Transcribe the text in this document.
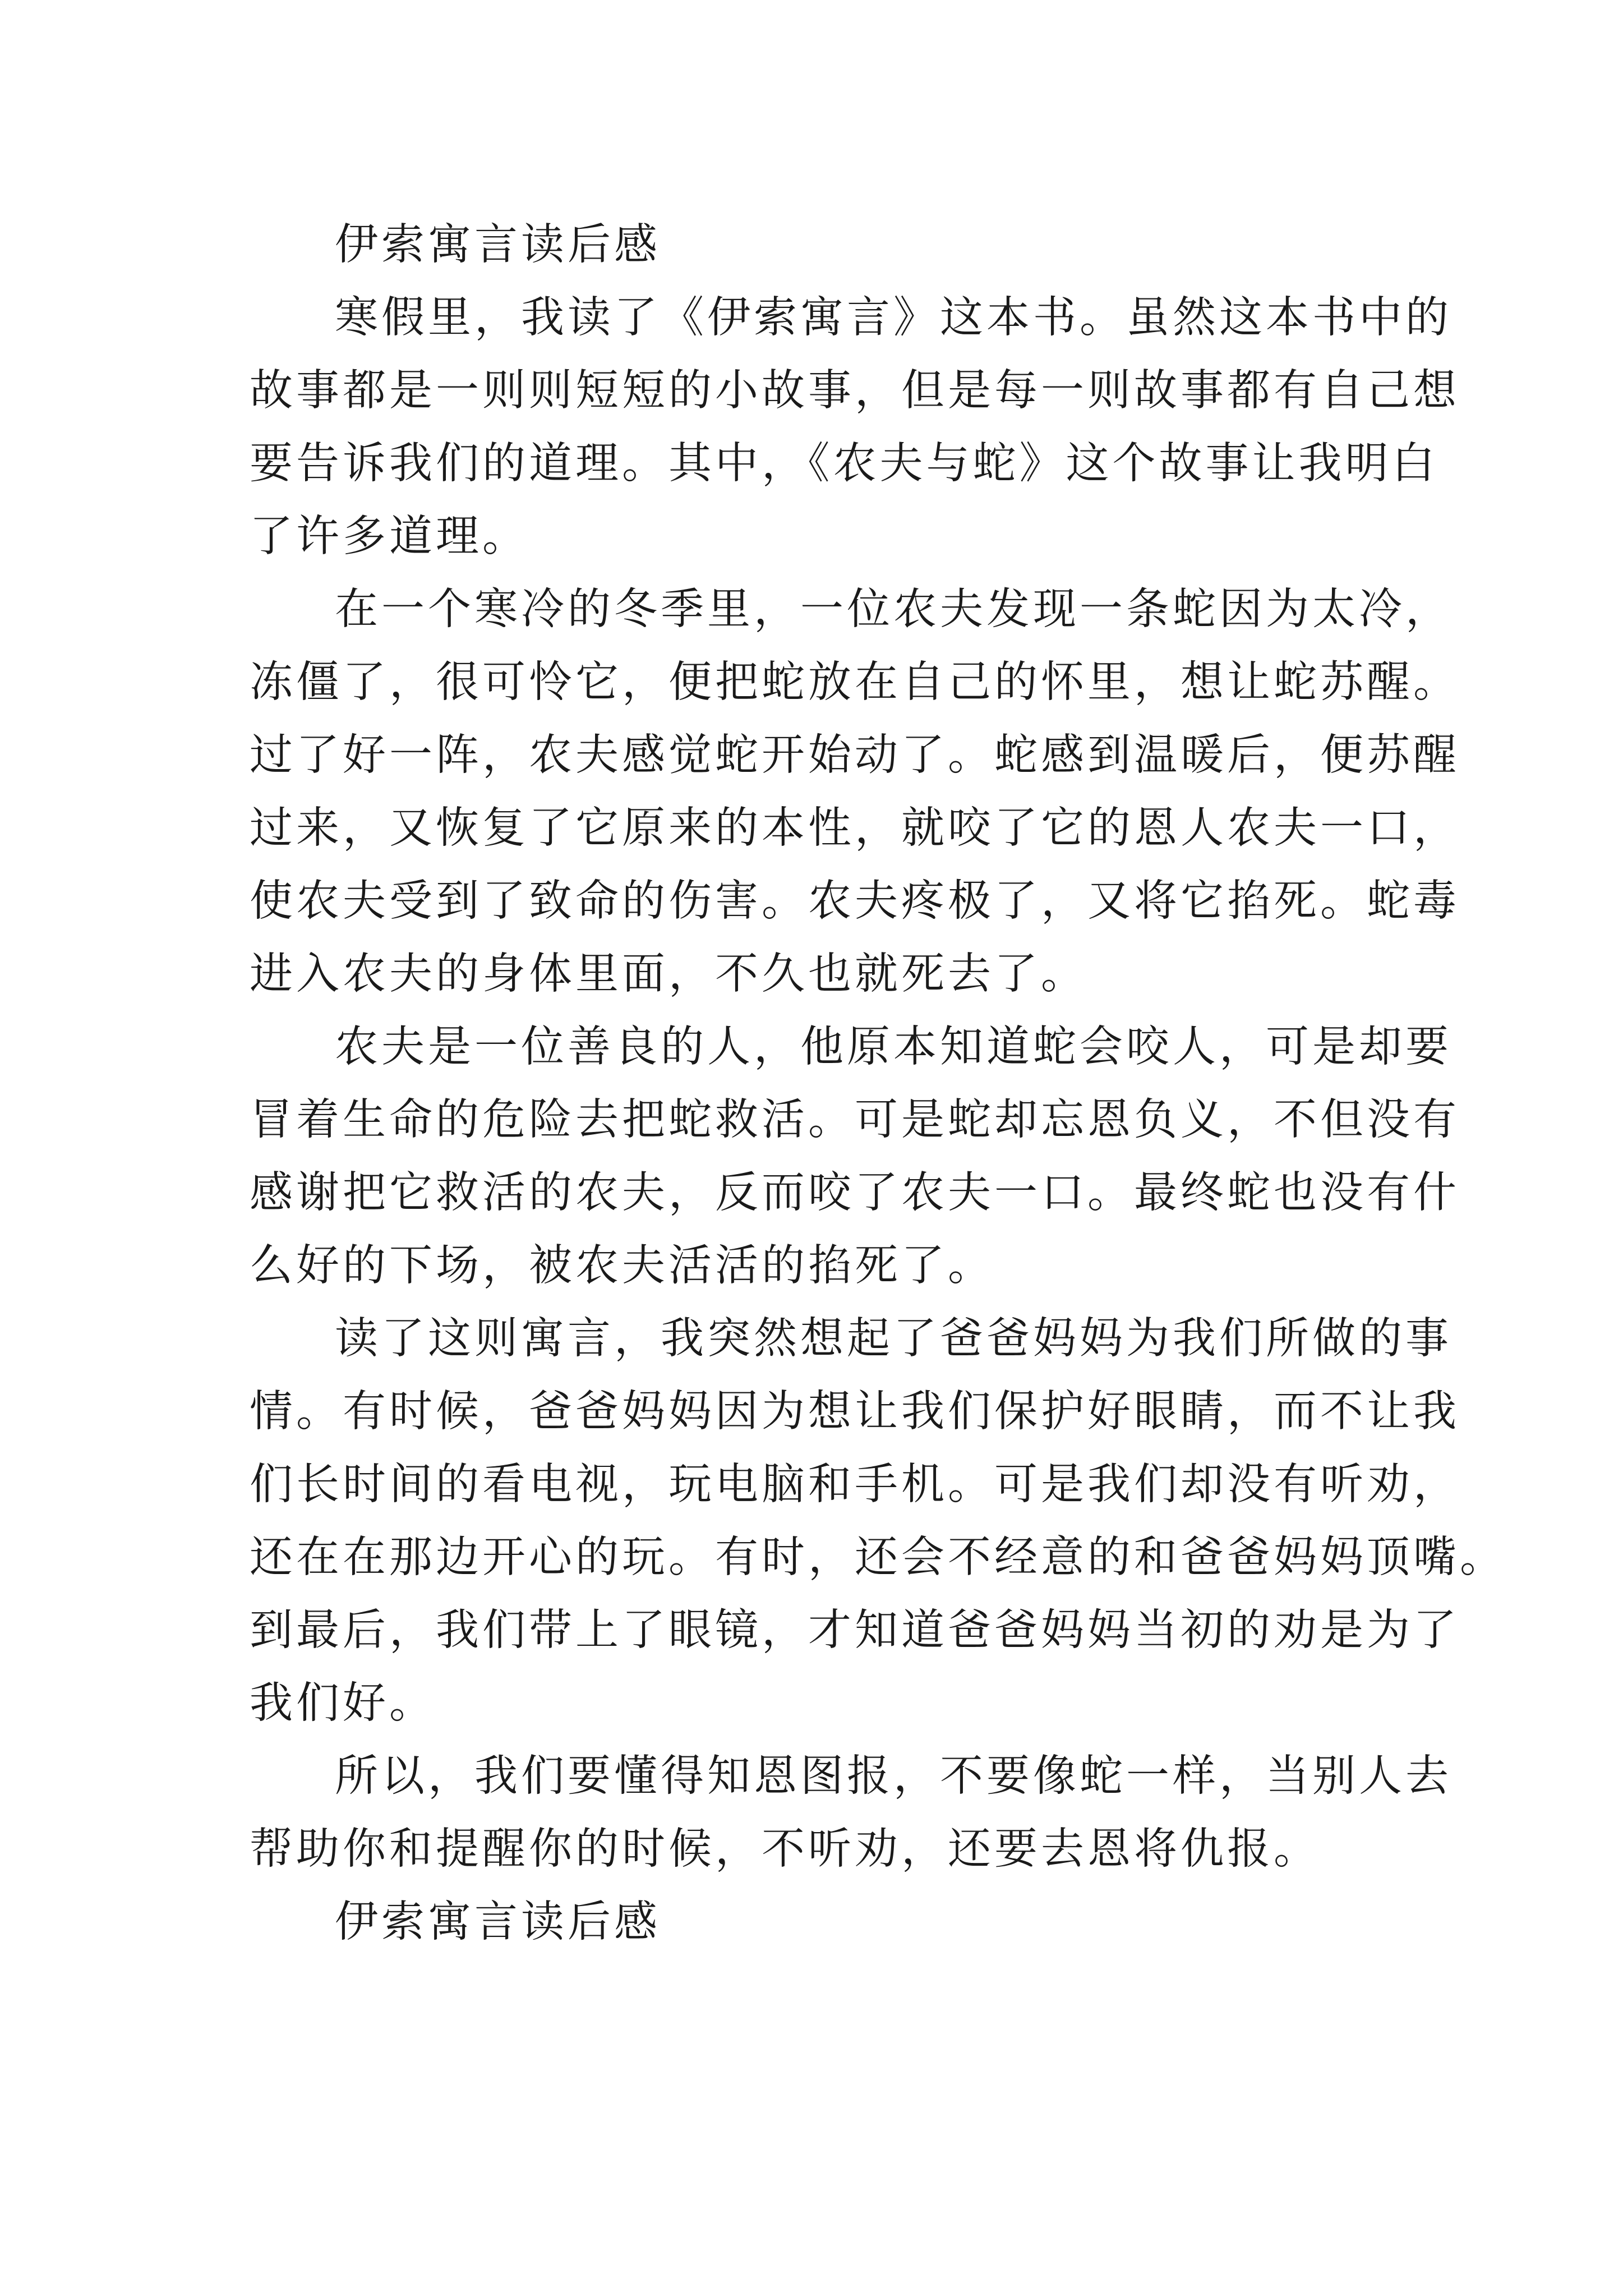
伊索寓言读后感
寒假里，我读了《伊索寓言》这本书。虽然这本书中的
故事都是一则则短短的小故事，但是每一则故事都有自己想
要告诉我们的道理。其中，《农夫与蛇》这个故事让我明白
了许多道理。
在一个寒冷的冬季里，一位农夫发现一条蛇因为太冷，
冻僵了，很可怜它，便把蛇放在自己的怀里，想让蛇苏醒。
过了好一阵，农夫感觉蛇开始动了。蛇感到温暖后，便苏醒
过来，又恢复了它原来的本性，就咬了它的恩人农夫一口，
使农夫受到了致命的伤害。农夫疼极了，又将它掐死。蛇毒
进入农夫的身体里面，不久也就死去了。
农夫是一位善良的人，他原本知道蛇会咬人，可是却要
冒着生命的危险去把蛇救活。可是蛇却忘恩负义，不但没有
感谢把它救活的农夫，反而咬了农夫一口。最终蛇也没有什
么好的下场，被农夫活活的掐死了。
读了这则寓言，我突然想起了爸爸妈妈为我们所做的事
情。有时候，爸爸妈妈因为想让我们保护好眼睛，而不让我
们长时间的看电视，玩电脑和手机。可是我们却没有听劝，
还在在那边开心的玩。有时，还会不经意的和爸爸妈妈顶嘴。
到最后，我们带上了眼镜，才知道爸爸妈妈当初的劝是为了
我们好。
所以，我们要懂得知恩图报，不要像蛇一样，当别人去
帮助你和提醒你的时候，不听劝，还要去恩将仇报。
伊索寓言读后感
